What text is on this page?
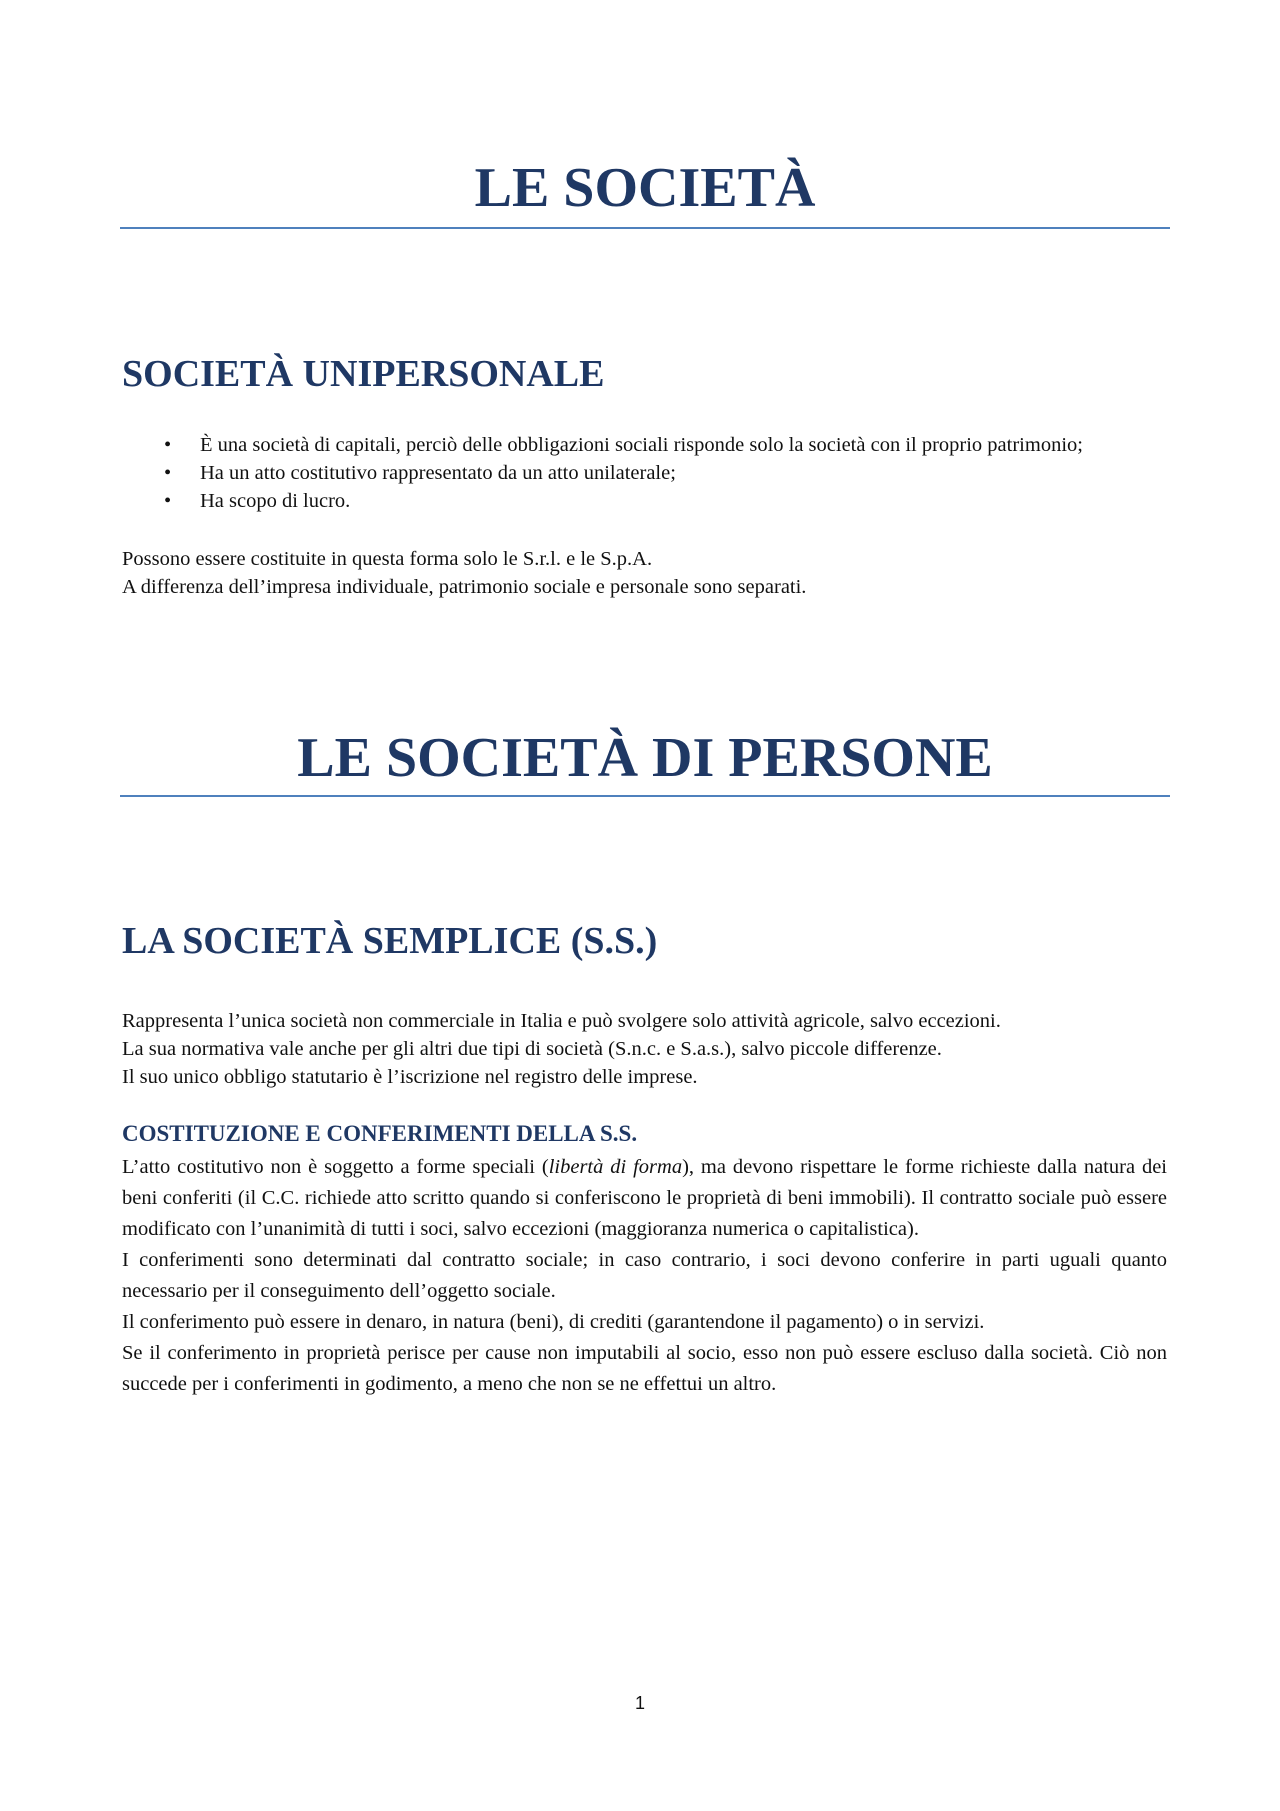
LE SOCIETÀ
SOCIETÀ UNIPERSONALE
• È una società di capitali, perciò delle obbligazioni sociali risponde solo la società con il proprio patrimonio;
• Ha un atto costitutivo rappresentato da un atto unilaterale;
• Ha scopo di lucro.
Possono essere costituite in questa forma solo le S.r.l. e le S.p.A.
A differenza dell’impresa individuale, patrimonio sociale e personale sono separati.
LE SOCIETÀ DI PERSONE
LA SOCIETÀ SEMPLICE (S.S.)
Rappresenta l’unica società non commerciale in Italia e può svolgere solo attività agricole, salvo eccezioni.
La sua normativa vale anche per gli altri due tipi di società (S.n.c. e S.a.s.), salvo piccole differenze.
Il suo unico obbligo statutario è l’iscrizione nel registro delle imprese.
COSTITUZIONE E CONFERIMENTI DELLA S.S.

L’atto costitutivo non è soggetto a forme speciali (libertà di forma), ma devono rispettare le forme richieste dalla natura dei beni conferiti (il C.C. richiede atto scritto quando si conferiscono le proprietà di beni immobili). Il contratto sociale può essere modificato con l’unanimità di tutti i soci, salvo eccezioni (maggioranza numerica o capitalistica).

I conferimenti sono determinati dal contratto sociale; in caso contrario, i soci devono conferire in parti uguali quanto necessario per il conseguimento dell’oggetto sociale.

Il conferimento può essere in denaro, in natura (beni), di crediti (garantendone il pagamento) o in servizi.

Se il conferimento in proprietà perisce per cause non imputabili al socio, esso non può essere escluso dalla società. Ciò non succede per i conferimenti in godimento, a meno che non se ne effettui un altro.

1
